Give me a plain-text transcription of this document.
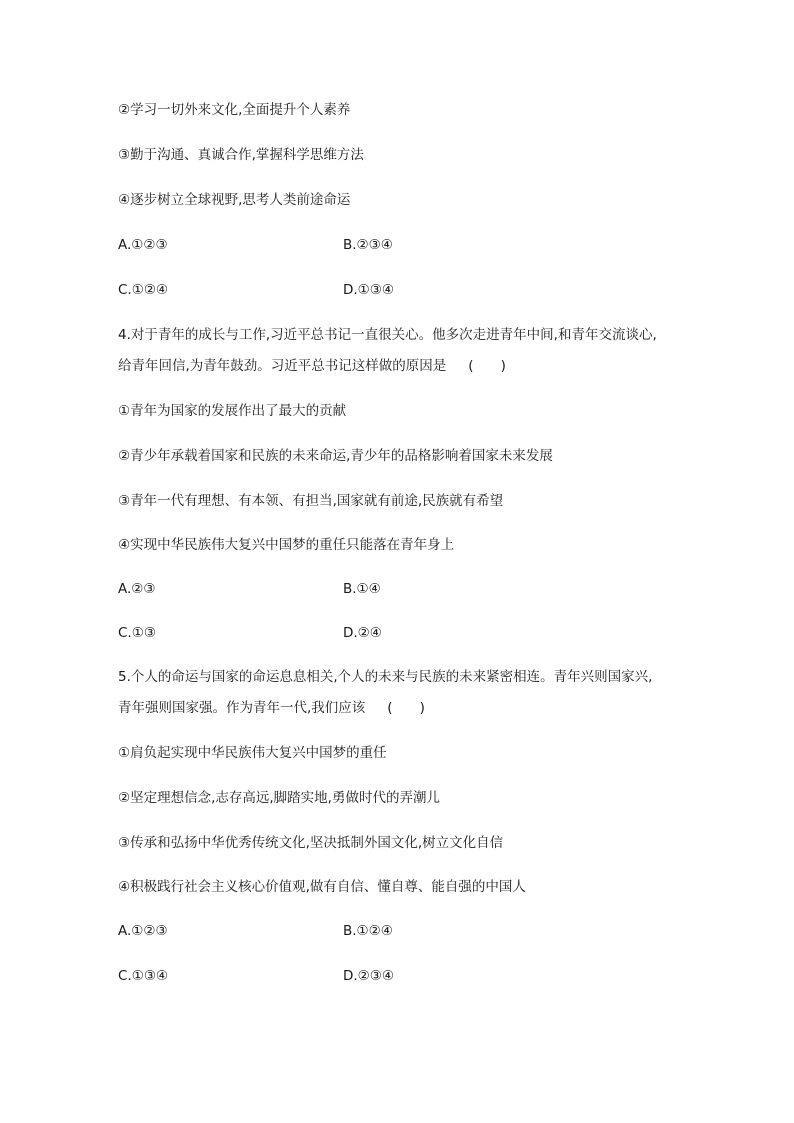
②学习一切外来文化,全面提升个人素养
③勤于沟通、真诚合作,掌握科学思维方法
④逐步树立全球视野,思考人类前途命运
A.①②③	B.②③④
C.①②④	D.①③④
4.对于青年的成长与工作,习近平总书记一直很关心。他多次走进青年中间,和青年交流谈心,
给青年回信,为青年鼓劲。习近平总书记这样做的原因是 (　　)
①青年为国家的发展作出了最大的贡献
②青少年承载着国家和民族的未来命运,青少年的品格影响着国家未来发展
③青年一代有理想、有本领、有担当,国家就有前途,民族就有希望
④实现中华民族伟大复兴中国梦的重任只能落在青年身上
A.②③	B.①④
C.①③	D.②④
5.个人的命运与国家的命运息息相关,个人的未来与民族的未来紧密相连。青年兴则国家兴,
青年强则国家强。作为青年一代,我们应该 (　　)
①肩负起实现中华民族伟大复兴中国梦的重任
②坚定理想信念,志存高远,脚踏实地,勇做时代的弄潮儿
③传承和弘扬中华优秀传统文化,坚决抵制外国文化,树立文化自信
④积极践行社会主义核心价值观,做有自信、懂自尊、能自强的中国人
A.①②③	B.①②④
C.①③④	D.②③④
